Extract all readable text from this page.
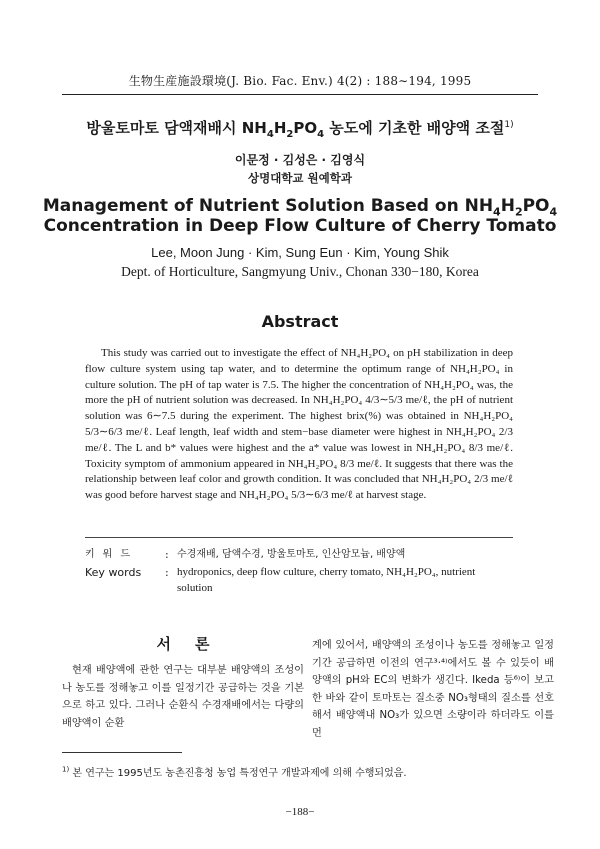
生物生産施設環境(J. Bio. Fac. Env.) 4(2) : 188∼194, 1995
방울토마토 담액재배시 $NH_4H_2PO_4$ 농도에 기초한 배양액 조절$^{1)}$
이문정 · 김성은 · 김영식
상명대학교 원예학과
Management of Nutrient Solution Based on $NH_4H_2PO_4$
Concentration in Deep Flow Culture of Cherry Tomato
Lee, Moon Jung · Kim, Sung Eun · Kim, Young Shik
Dept. of Horticulture, Sangmyung Univ., Chonan 330−180, Korea
Abstract

This study was carried out to investigate the effect of NH₄H₂PO₄ on pH stabilization in deep flow culture system using tap water, and to determine the optimum range of NH₄H₂PO₄ in culture solution. The pH of tap water is 7.5. The higher the concentration of NH₄H₂PO₄ was, the more the pH of nutrient solution was decreased. In NH₄H₂PO₄ 4/3∼5/3 me/ℓ, the pH of nutrient solution was 6∼7.5 during the experiment. The highest brix(%) was obtained in NH₄H₂PO₄ 5/3∼6/3 me/ℓ. Leaf length, leaf width and stem−base diameter were highest in NH₄H₂PO₄ 2/3 me/ℓ. The L and b* values were highest and the a* value was lowest in NH₄H₂PO₄ 8/3 me/ℓ. Toxicity symptom of ammonium appeared in NH₄H₂PO₄ 8/3 me/ℓ. It suggests that there was the relationship between leaf color and growth condition. It was concluded that NH₄H₂PO₄ 2/3 me/ℓ was good before harvest stage and NH₄H₂PO₄ 5/3∼6/3 me/ℓ at harvest stage.

키워드	: 수경재배, 담액수경, 방울토마토, 인산암모늄, 배양액
Key words	: hydroponics, deep flow culture, cherry tomato, NH₄H₂PO₄, nutrient solution
서론

현재 배양액에 관한 연구는 대부분 배양액의 조성이나 농도를 정해놓고 이를 일정기간 공급하는 것을 기본으로 하고 있다. 그러나 순환식 수경재배에서는 다량의 배양액이 순환

계에 있어서, 배양액의 조성이나 농도를 정해놓고 일정기간 공급하면 이전의 연구³·⁴⁾에서도 볼 수 있듯이 배양액의 pH와 EC의 변화가 생긴다. Ikeda 등⁶⁾이 보고한 바와 같이 토마토는 질소중 NO₃형태의 질소를 선호해서 배양액내 NO₃가 있으면 소량이라 하더라도 이를 먼

$^{1)}$ 본 연구는 1995년도 농촌진흥청 농업 특정연구 개발과제에 의해 수행되었음.
−188−
